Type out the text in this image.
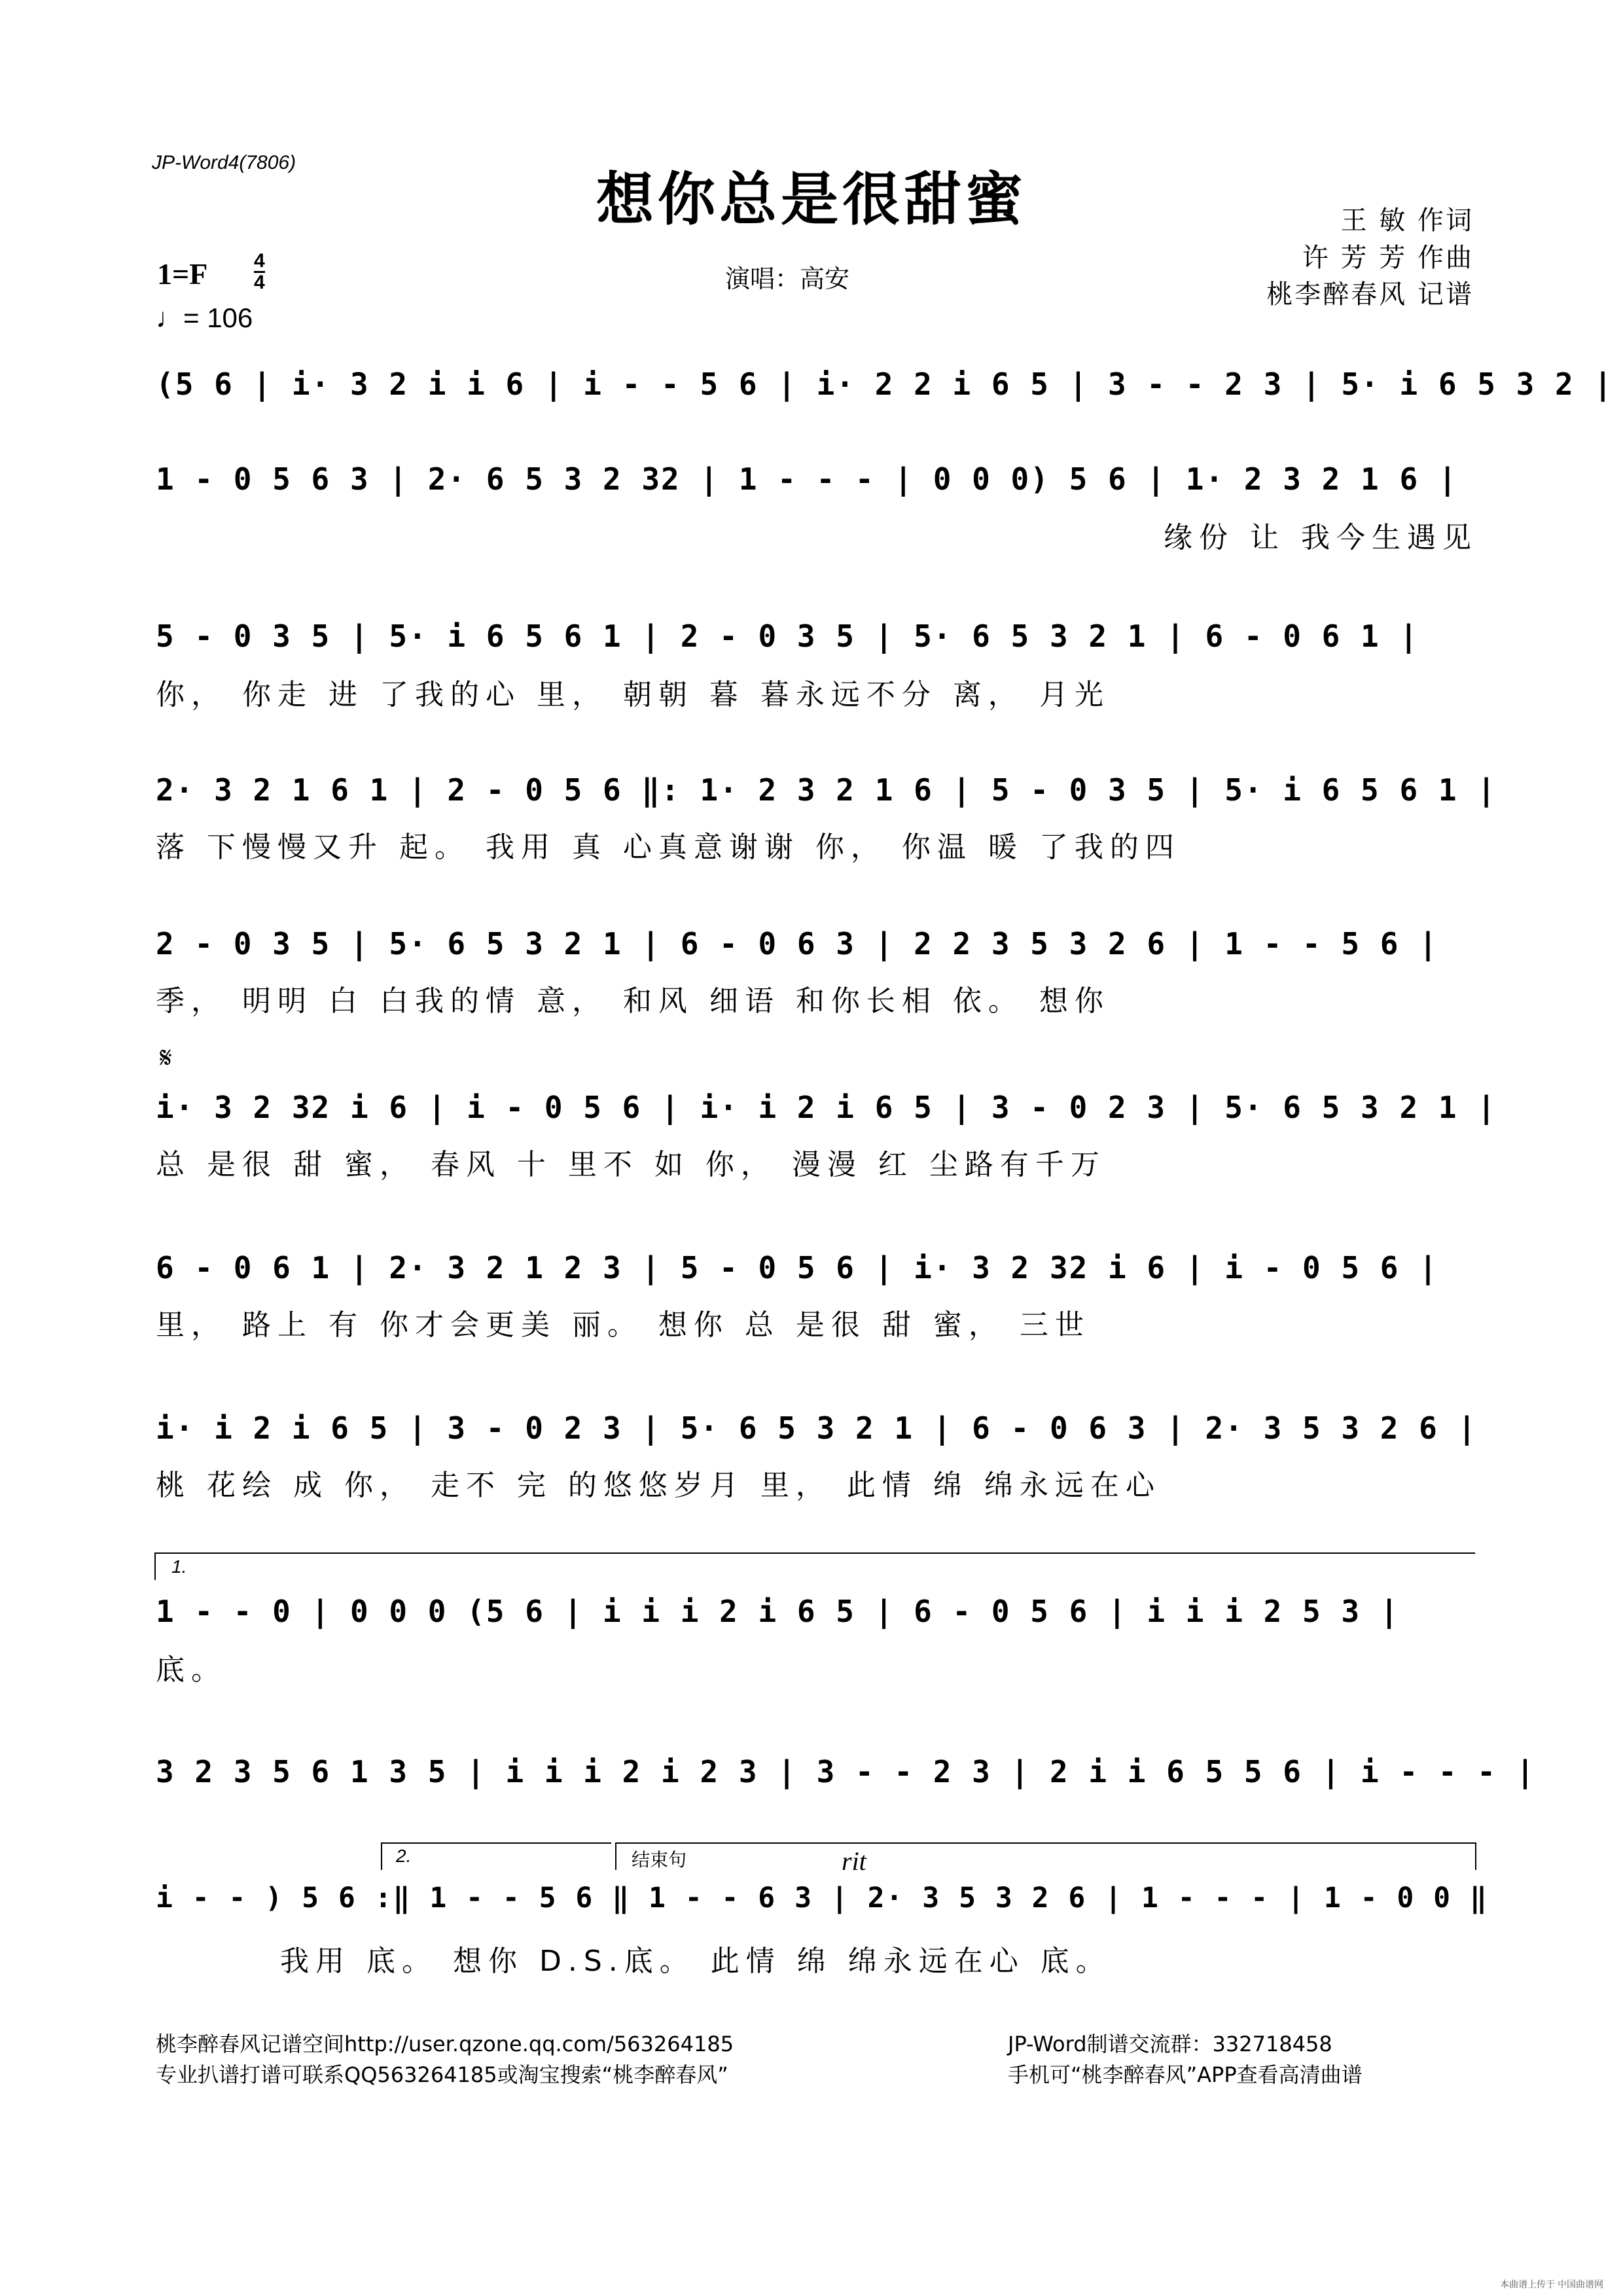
JP-Word4(7806)
想你总是很甜蜜	王 敏 作词
许 芳 芳 作曲
桃李醉春风 记谱
1=F 4
4
♩= 106
演唱：高安
(5 6 | i· 3 2 i i 6 | i - - 5 6 | i· 2 2 i 6 5 | 3 - - 2 3 | 5· i 6 5 3 2 |
1 - 0 5 6 3 | 2· 6 5 3 2 32 | 1 - - - | 0 0 0) 5 6 | 1· 2 3 2 1 6 |
缘份 让 我今生遇见
5 - 0 3 5 | 5· i 6 5 6 1 | 2 - 0 3 5 | 5· 6 5 3 2 1 | 6 - 0 6 1 |
你， 你走 进 了我的心 里， 朝朝 暮 暮永远不分 离， 月光
2· 3 2 1 6 1 | 2 - 0 5 6 ‖: 1· 2 3 2 1 6 | 5 - 0 3 5 | 5· i 6 5 6 1 |
落 下慢慢又升 起。 我用 真 心真意谢谢 你， 你温 暖 了我的四
2 - 0 3 5 | 5· 6 5 3 2 1 | 6 - 0 6 3 | 2 2 3 5 3 2 6 | 1 - - 5 6 |
季， 明明 白 白我的情 意， 和风 细语 和你长相 依。 想你
𝄋
i· 3 2 32 i 6 | i - 0 5 6 | i· i 2 i 6 5 | 3 - 0 2 3 | 5· 6 5 3 2 1 |
总 是很 甜 蜜， 春风 十 里不 如 你， 漫漫 红 尘路有千万
6 - 0 6 1 | 2· 3 2 1 2 3 | 5 - 0 5 6 | i· 3 2 32 i 6 | i - 0 5 6 |
里， 路上 有 你才会更美 丽。 想你 总 是很 甜 蜜， 三世
i· i 2 i 6 5 | 3 - 0 2 3 | 5· 6 5 3 2 1 | 6 - 0 6 3 | 2· 3 5 3 2 6 |
桃 花绘 成 你， 走不 完 的悠悠岁月 里， 此情 绵 绵永远在心
1.
1 - - 0 | 0 0 0 (5 6 | i i i 2 i 6 5 | 6 - 0 5 6 | i i i 2 5 3 |
底。
3 2 3 5 6 1 3 5 | i i i 2 i 2 3 | 3 - - 2 3 | 2 i i 6 5 5 6 | i - - - |
2.	结束句	rit
i - - ) 5 6 :‖ 1 - - 5 6 ‖ 1 - - 6 3 | 2· 3 5 3 2 6 | 1 - - - | 1 - 0 0 ‖
我用 底。 想你 D.S.底。 此情 绵 绵永远在心 底。
桃李醉春风记谱空间http://user.qzone.qq.com/563264185
专业扒谱打谱可联系QQ563264185或淘宝搜索“桃李醉春风”
JP-Word制谱交流群：332718458
手机可“桃李醉春风”APP查看高清曲谱
本曲谱上传于 中国曲谱网
